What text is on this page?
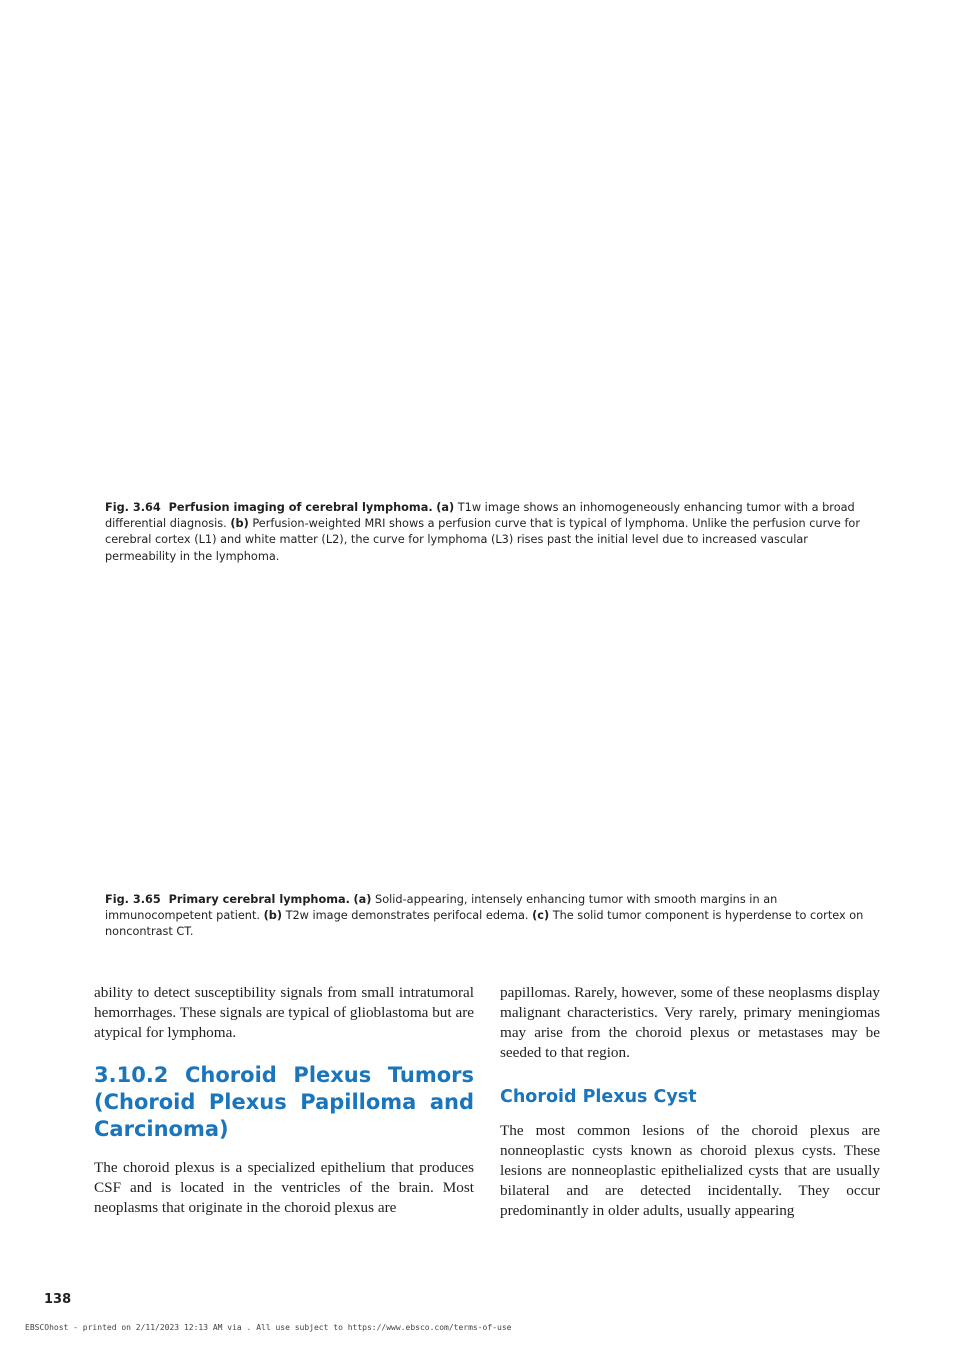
Fig. 3.64 Perfusion imaging of cerebral lymphoma. (a) T1w image shows an inhomogeneously enhancing tumor with a broad differential diagnosis. (b) Perfusion-weighted MRI shows a perfusion curve that is typical of lymphoma. Unlike the perfusion curve for cerebral cortex (L1) and white matter (L2), the curve for lymphoma (L3) rises past the initial level due to increased vascular permeability in the lymphoma.

Fig. 3.65 Primary cerebral lymphoma. (a) Solid-appearing, intensely enhancing tumor with smooth margins in an immunocompetent patient. (b) T2w image demonstrates perifocal edema. (c) The solid tumor component is hyperdense to cortex on noncontrast CT.

ability to detect susceptibility signals from small intratumoral hemorrhages. These signals are typical of glioblastoma but are atypical for lymphoma.

3.10.2 Choroid Plexus Tumors (Choroid Plexus Papilloma and Carcinoma)

The choroid plexus is a specialized epithelium that produces CSF and is located in the ventricles of the brain. Most neoplasms that originate in the choroid plexus are

papillomas. Rarely, however, some of these neoplasms display malignant characteristics. Very rarely, primary meningiomas may arise from the choroid plexus or metastases may be seeded to that region.

Choroid Plexus Cyst

The most common lesions of the choroid plexus are nonneoplastic cysts known as choroid plexus cysts. These lesions are nonneoplastic epithelialized cysts that are usually bilateral and are detected incidentally. They occur predominantly in older adults, usually appearing

138
EBSCOhost - printed on 2/11/2023 12:13 AM via . All use subject to https://www.ebsco.com/terms-of-use
